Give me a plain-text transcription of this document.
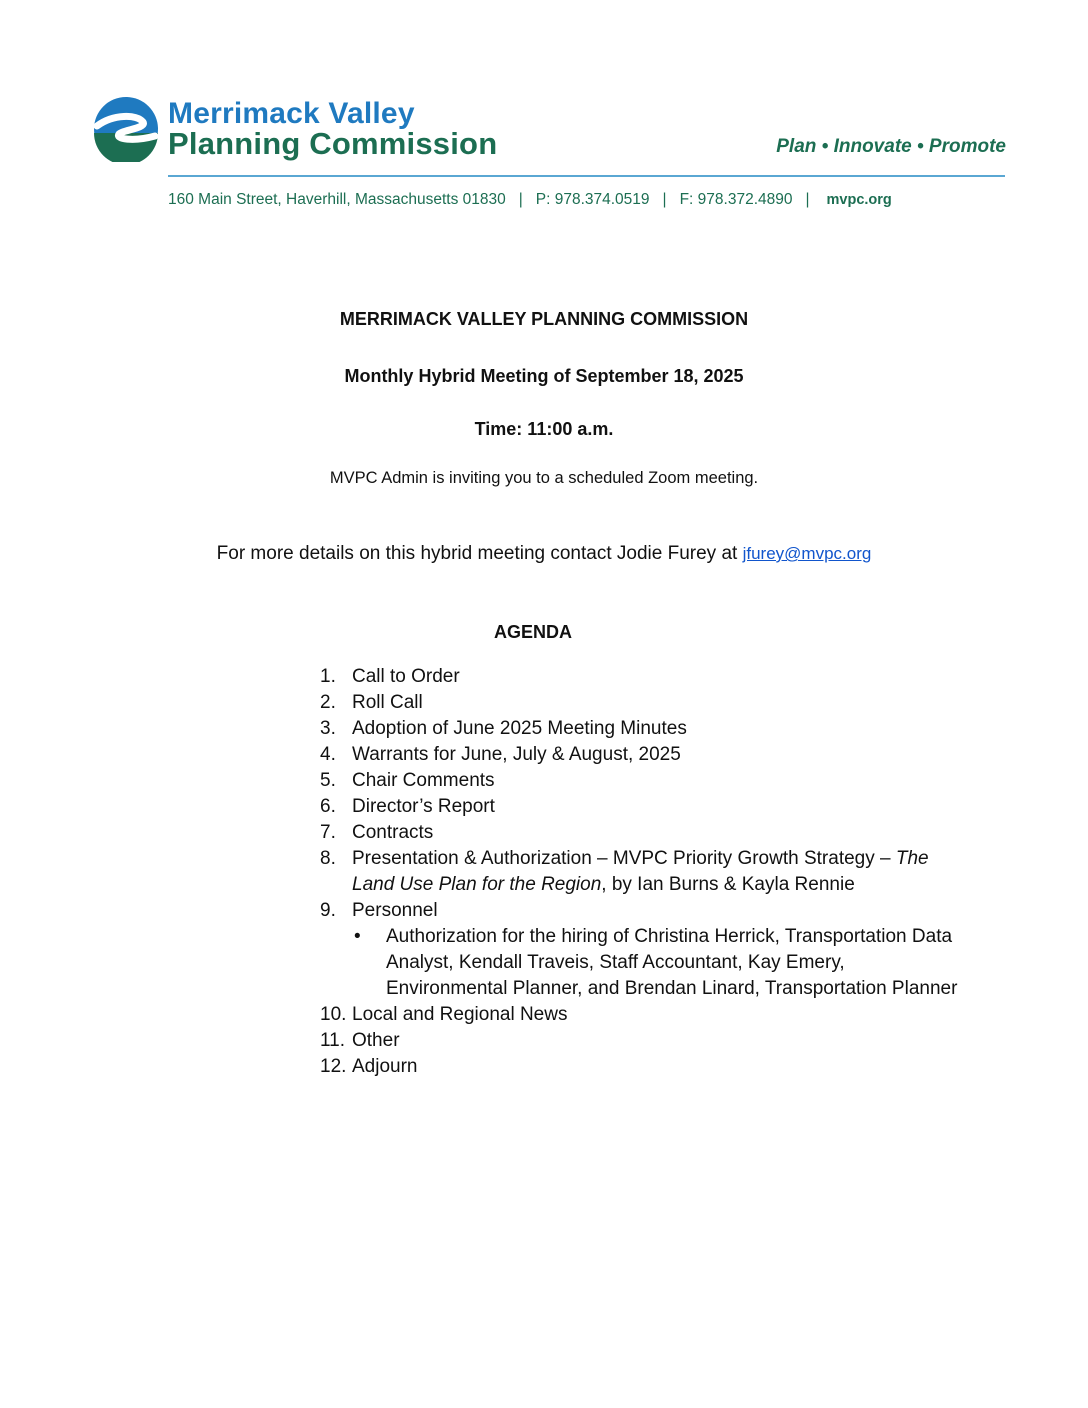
Merrimack Valley
Planning Commission	Plan • Innovate • Promote
160 Main Street, Haverhill, Massachusetts 01830 | P: 978.374.0519 | F: 978.372.4890 | mvpc.org
MERRIMACK VALLEY PLANNING COMMISSION
Monthly Hybrid Meeting of September 18, 2025
Time: 11:00 a.m.
MVPC Admin is inviting you to a scheduled Zoom meeting.
For more details on this hybrid meeting contact Jodie Furey at jfurey@mvpc.org
AGENDA
1. Call to Order
2. Roll Call
3. Adoption of June 2025 Meeting Minutes
4. Warrants for June, July & August, 2025
5. Chair Comments
6. Director’s Report
7. Contracts
8. Presentation & Authorization – MVPC Priority Growth Strategy – The Land Use Plan for the Region, by Ian Burns & Kayla Rennie
9. Personnel
•	Authorization for the hiring of Christina Herrick, Transportation Data Analyst, Kendall Traveis, Staff Accountant, Kay Emery, Environmental Planner, and Brendan Linard, Transportation Planner
10. Local and Regional News
11. Other
12. Adjourn
